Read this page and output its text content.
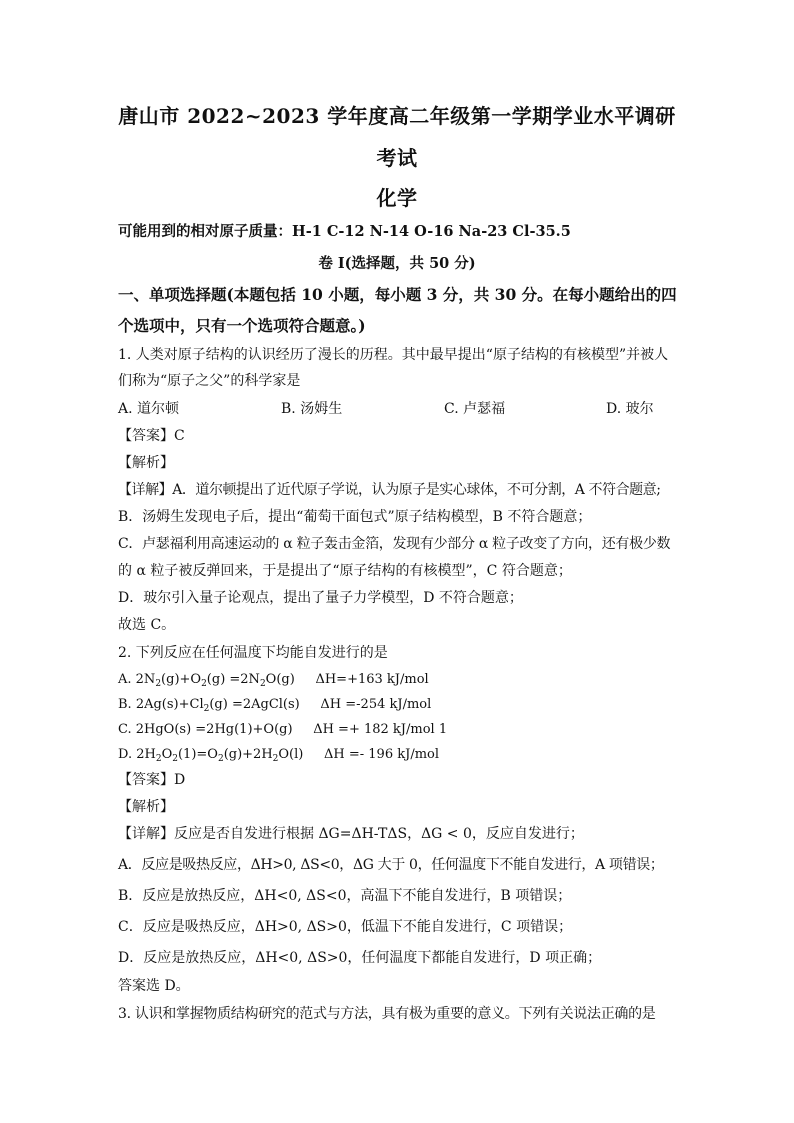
唐山市 2022~2023 学年度高二年级第一学期学业水平调研
考试
化学
可能用到的相对原子质量：H-1 C-12 N-14 O-16 Na-23 Cl-35.5
卷 I(选择题，共 50 分)
一、单项选择题(本题包括 10 小题，每小题 3 分，共 30 分。在每小题给出的四
个选项中，只有一个选项符合题意。)
1. 人类对原子结构的认识经历了漫长的历程。其中最早提出“原子结构的有核模型”并被人
们称为“原子之父”的科学家是
A. 道尔顿	B. 汤姆生	C. 卢瑟福	D. 玻尔
【答案】C
【解析】
【详解】A．道尔顿提出了近代原子学说，认为原子是实心球体，不可分割，A 不符合题意;
B．汤姆生发现电子后，提出“葡萄干面包式”原子结构模型，B 不符合题意；
C．卢瑟福利用高速运动的 α 粒子轰击金箔，发现有少部分 α 粒子改变了方向，还有极少数
的 α 粒子被反弹回来，于是提出了“原子结构的有核模型”，C 符合题意；
D．玻尔引入量子论观点，提出了量子力学模型，D 不符合题意；
故选 C。
2. 下列反应在任何温度下均能自发进行的是
A. $2N_2(g)+O_2(g) =2N_2O(g)$     ΔH=+163 kJ/mol
B. $2Ag(s)+Cl_2(g)$ =2AgCl(s)     ΔH =-254 kJ/mol
C. 2HgO(s) =2Hg(1)+O(g)     ΔH =+ 182 kJ/mol 1
D. $2H_2O_2(1)=O_2(g)+2H_2O(l)$     ΔH =- 196 kJ/mol
【答案】D
【解析】
【详解】反应是否自发进行根据 ΔG=ΔH-TΔS，ΔG < 0，反应自发进行；
A．反应是吸热反应，ΔH>0, ΔS<0，ΔG 大于 0，任何温度下不能自发进行，A 项错误；
B．反应是放热反应，ΔH<0, ΔS<0，高温下不能自发进行，B 项错误；
C．反应是吸热反应，ΔH>0, ΔS>0，低温下不能自发进行，C 项错误；
D．反应是放热反应，ΔH<0, ΔS>0，任何温度下都能自发进行，D 项正确；
答案选 D。
3. 认识和掌握物质结构研究的范式与方法，具有极为重要的意义。下列有关说法正确的是
